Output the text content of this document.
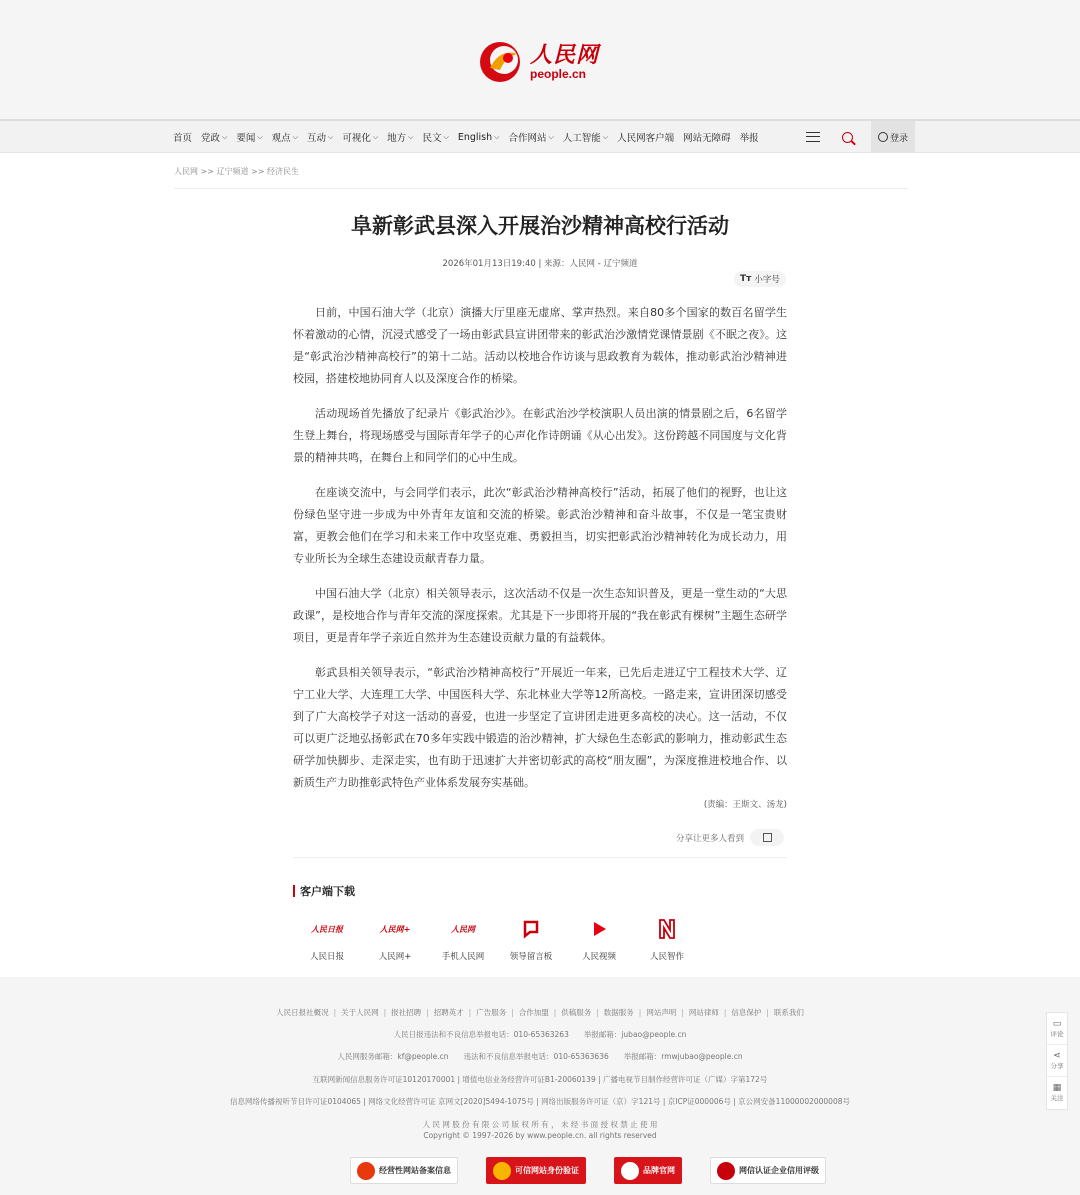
人民网
people.cn
首页 党政 ⌵ 要闻 ⌵ 观点 ⌵ 互动 ⌵ 可视化 ⌵ 地方 ⌵ 民文 ⌵ English ⌵ 合作网站 ⌵ 人工智能 ⌵ 人民网客户端 网站无障碍 举报	登录
人民网 >> 辽宁频道 >> 经济民生
阜新彰武县深入开展治沙精神高校行活动
2026年01月13日19:40 | 来源：人民网 - 辽宁频道
Tт 小字号

日前，中国石油大学（北京）演播大厅里座无虚席、掌声热烈。来自80多个国家的数百名留学生怀着激动的心情，沉浸式感受了一场由彰武县宣讲团带来的彰武治沙激情党课情景剧《不眠之夜》。这是“彰武治沙精神高校行”的第十二站。活动以校地合作访谈与思政教育为载体，推动彰武治沙精神进校园，搭建校地协同育人以及深度合作的桥梁。

活动现场首先播放了纪录片《彰武治沙》。在彰武治沙学校演职人员出演的情景剧之后，6名留学生登上舞台，将现场感受与国际青年学子的心声化作诗朗诵《从心出发》。这份跨越不同国度与文化背景的精神共鸣，在舞台上和同学们的心中生成。

在座谈交流中，与会同学们表示，此次“彰武治沙精神高校行”活动，拓展了他们的视野，也让这份绿色坚守进一步成为中外青年友谊和交流的桥梁。彰武治沙精神和奋斗故事，不仅是一笔宝贵财富，更教会他们在学习和未来工作中攻坚克难、勇毅担当，切实把彰武治沙精神转化为成长动力，用专业所长为全球生态建设贡献青春力量。

中国石油大学（北京）相关领导表示，这次活动不仅是一次生态知识普及，更是一堂生动的“大思政课”，是校地合作与青年交流的深度探索。尤其是下一步即将开展的“我在彰武有棵树”主题生态研学项目，更是青年学子亲近自然并为生态建设贡献力量的有益载体。

彰武县相关领导表示，“彰武治沙精神高校行”开展近一年来，已先后走进辽宁工程技术大学、辽宁工业大学、大连理工大学、中国医科大学、东北林业大学等12所高校。一路走来，宣讲团深切感受到了广大高校学子对这一活动的喜爱，也进一步坚定了宣讲团走进更多高校的决心。这一活动，不仅可以更广泛地弘扬彰武在70多年实践中锻造的治沙精神，扩大绿色生态彰武的影响力，推动彰武生态研学加快脚步、走深走实，也有助于迅速扩大并密切彰武的高校“朋友圈”，为深度推进校地合作、以新质生产力助推彰武特色产业体系发展夯实基础。

(责编：王斯文、汤龙)
分享让更多人看到
客户端下载
人民日报
人民日报
人民网+
人民网+
人民网
手机人民网	领导留言板	人民视频	人民智作
人民日报社概况 | 关于人民网 | 报社招聘 | 招聘英才 | 广告服务 | 合作加盟 | 供稿服务 | 数据服务 | 网站声明 | 网站律师 | 信息保护 | 联系我们
人民日报违法和不良信息举报电话：010-65363263　　举报邮箱：jubao@people.cn
人民网服务邮箱：kf@people.cn　　违法和不良信息举报电话：010-65363636　　举报邮箱：rmwjubao@people.cn
互联网新闻信息服务许可证10120170001 | 增值电信业务经营许可证B1-20060139 | 广播电视节目制作经营许可证（广媒）字第172号
信息网络传播视听节目许可证0104065 | 网络文化经营许可证 京网文[2020]5494-1075号 | 网络出版服务许可证（京）字121号 | 京ICP证000006号 | 京公网安备11000002000008号
人 民 网 股 份 有 限 公 司 版 权 所 有 ， 未 经 书 面 授 权 禁 止 使 用
Copyright © 1997-2026 by www.people.cn. all rights reserved
经营性网站备案信息	可信网站身份验证	品牌官网	网信认证企业信用评级
▭
评论
⋖
分享
▦
关注
